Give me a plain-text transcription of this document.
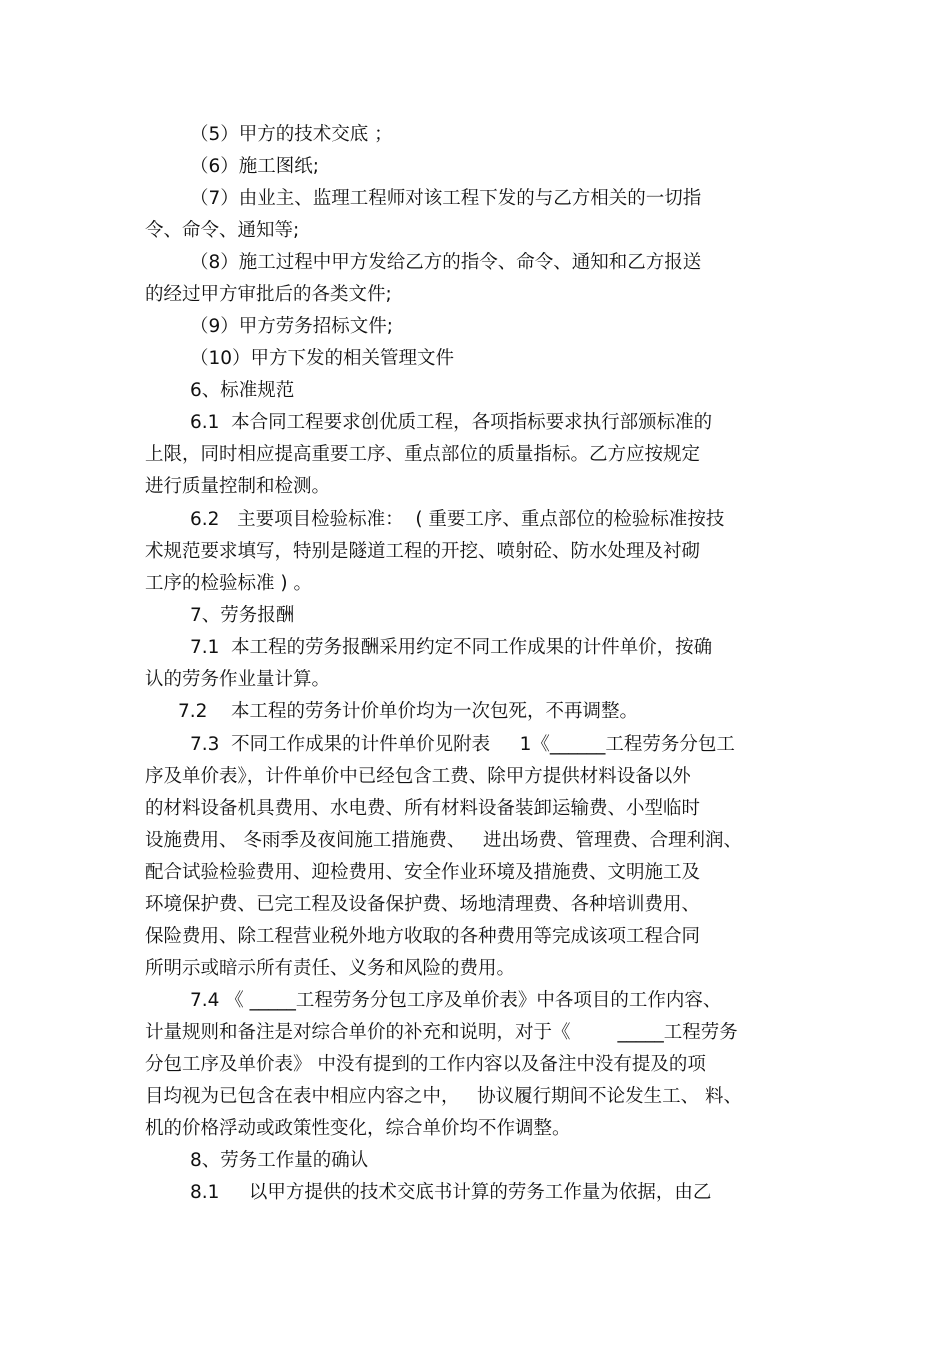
（5）甲方的技术交底 ；
（6）施工图纸;
（7）由业主、监理工程师对该工程下发的与乙方相关的一切指
令、命令、通知等;
（8）施工过程中甲方发给乙方的指令、命令、通知和乙方报送
的经过甲方审批后的各类文件;
（9）甲方劳务招标文件;
（10）甲方下发的相关管理文件
6、标准规范
6.1  本合同工程要求创优质工程，各项指标要求执行部颁标准的
上限，同时相应提高重要工序、重点部位的质量指标。乙方应按规定
进行质量控制和检测。
6.2   主要项目检验标准：  ( 重要工序、重点部位的检验标准按技
术规范要求填写，特别是隧道工程的开挖、喷射砼、防水处理及衬砌
工序的检验标准 ) 。
7、劳务报酬
7.1  本工程的劳务报酬采用约定不同工作成果的计件单价，按确
认的劳务作业量计算。
7.2    本工程的劳务计价单价均为一次包死，不再调整。
7.3  不同工作成果的计件单价见附表     1《______工程劳务分包工
序及单价表》，计件单价中已经包含工费、除甲方提供材料设备以外
的材料设备机具费用、水电费、所有材料设备装卸运输费、小型临时
设施费用、 冬雨季及夜间施工措施费、   进出场费、管理费、合理利润、
配合试验检验费用、迎检费用、安全作业环境及措施费、文明施工及
环境保护费、已完工程及设备保护费、场地清理费、各种培训费用、
保险费用、除工程营业税外地方收取的各种费用等完成该项工程合同
所明示或暗示所有责任、义务和风险的费用。
7.4 《 _____工程劳务分包工序及单价表》中各项目的工作内容、
计量规则和备注是对综合单价的补充和说明，对于《        _____工程劳务
分包工序及单价表》 中没有提到的工作内容以及备注中没有提及的项
目均视为已包含在表中相应内容之中，   协议履行期间不论发生工、 料、
机的价格浮动或政策性变化，综合单价均不作调整。
8、劳务工作量的确认
8.1     以甲方提供的技术交底书计算的劳务工作量为依据，由乙
